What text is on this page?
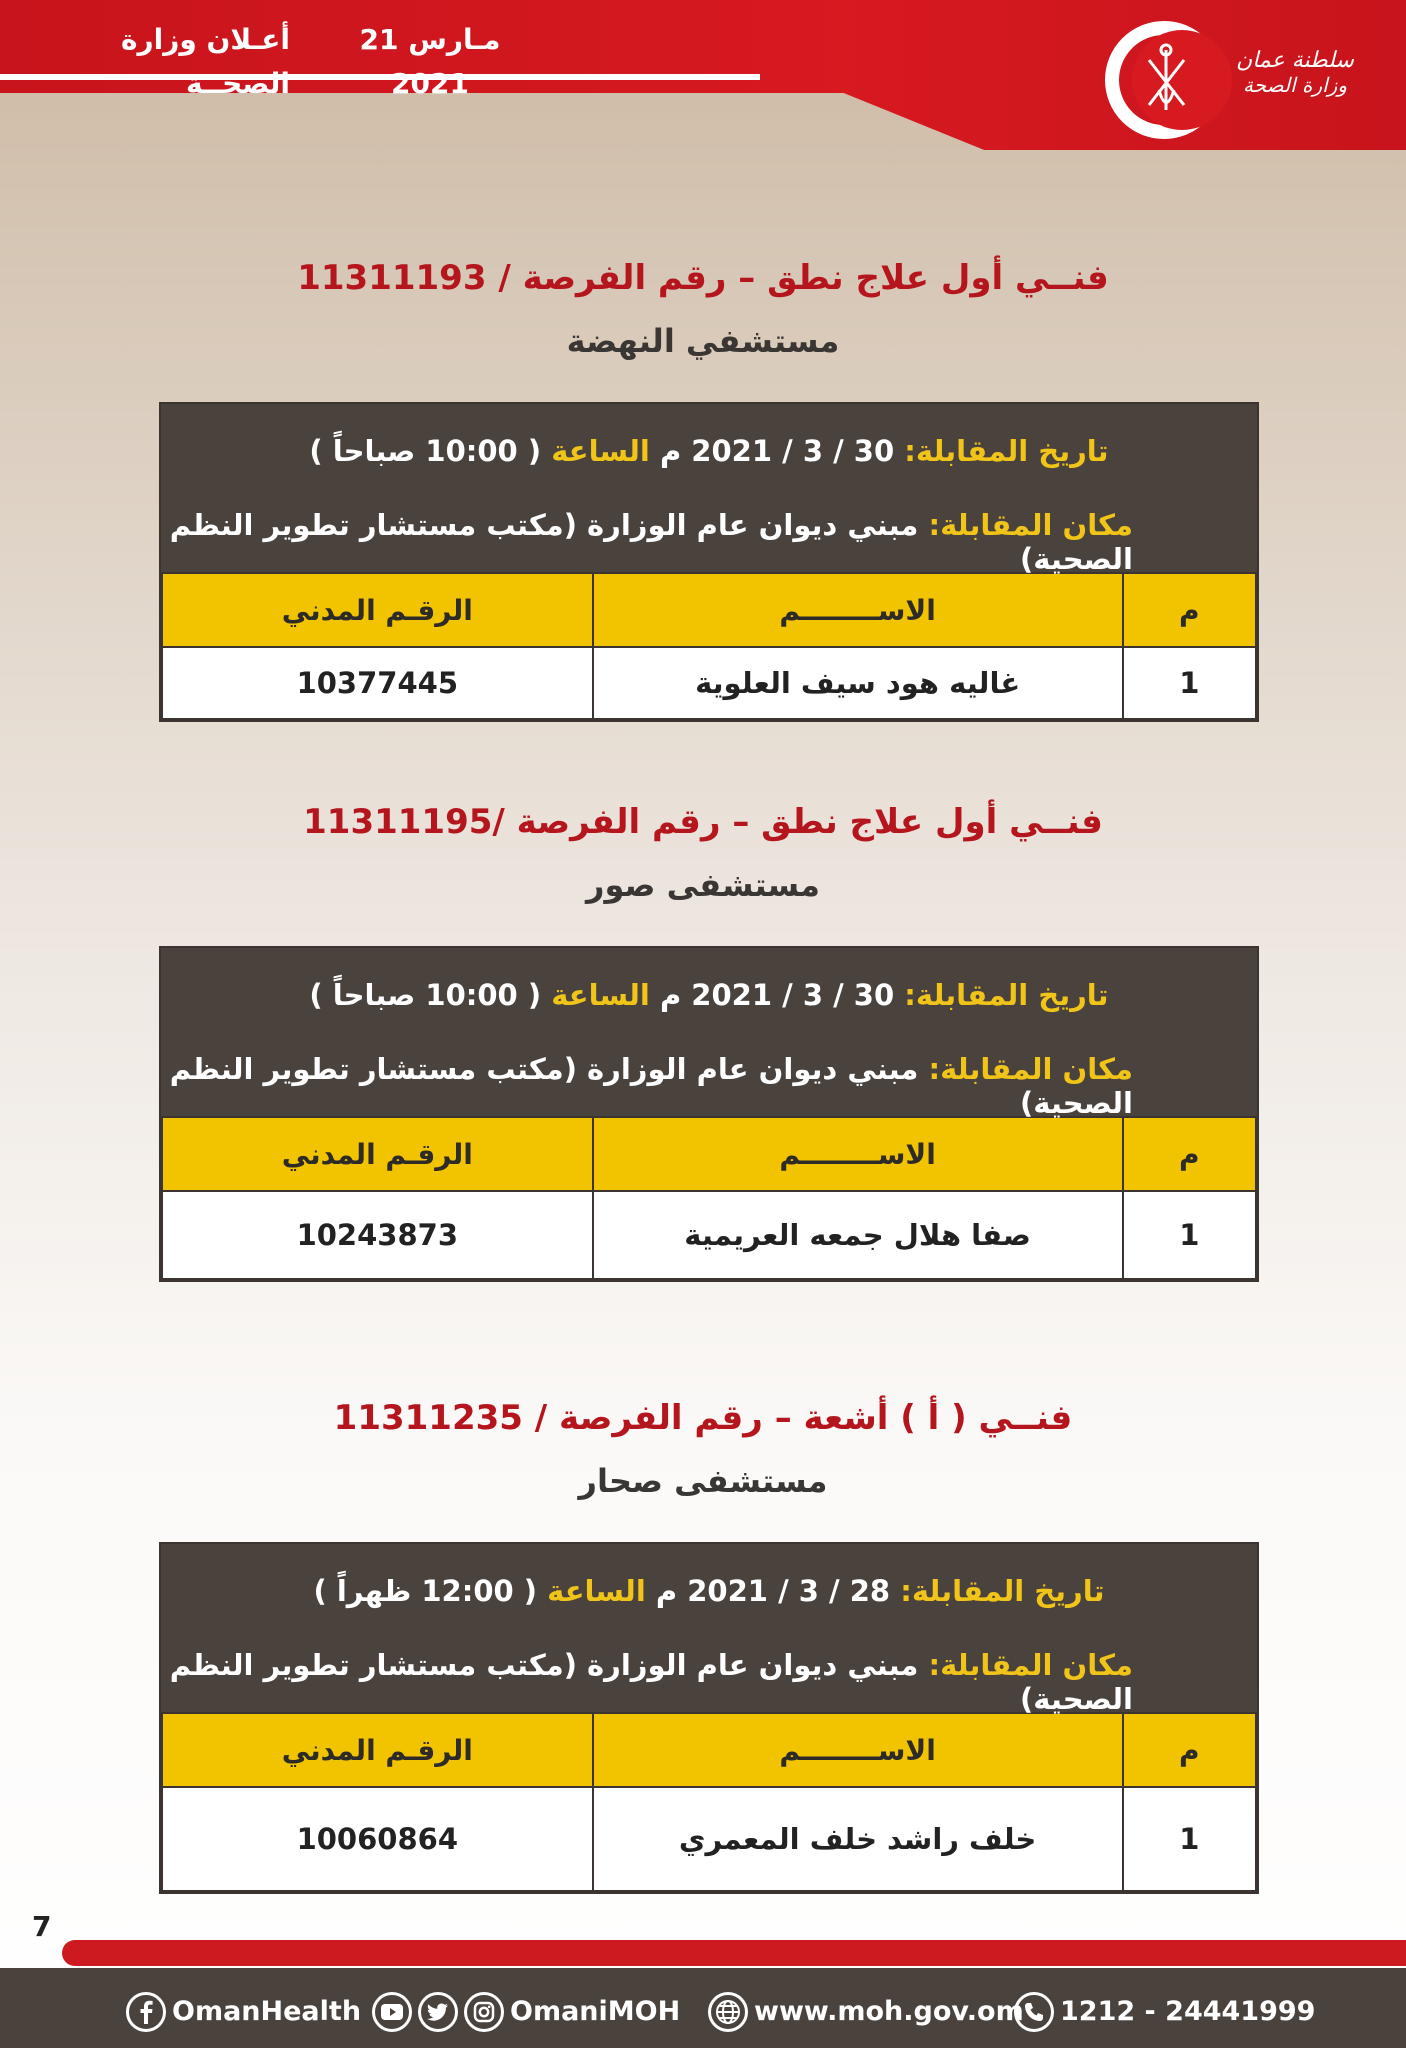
أعـلان وزارة الصحــة
21 مـارس 2021
سلطنة عمان
وزارة الصحة
فنــي أول علاج نطق – رقم الفرصة / 11311193
مستشفي النهضة
تاريخ المقابلة: 30 / 3 / 2021 م الساعة ( 10:00 صباحاً )
مكان المقابلة: مبني ديوان عام الوزارة (مكتب مستشار تطوير النظم الصحية)
م	الاســــــــم	الرقـم المدني
1	غاليه هود سيف العلوية	10377445
فنــي أول علاج نطق – رقم الفرصة /11311195
مستشفى صور
تاريخ المقابلة: 30 / 3 / 2021 م الساعة ( 10:00 صباحاً )
مكان المقابلة: مبني ديوان عام الوزارة (مكتب مستشار تطوير النظم الصحية)
م	الاســــــــم	الرقـم المدني
1	صفا هلال جمعه العريمية	10243873
فنــي ( أ ) أشعة – رقم الفرصة / 11311235
مستشفى صحار
تاريخ المقابلة: 28 / 3 / 2021 م الساعة ( 12:00 ظهراً )
مكان المقابلة: مبني ديوان عام الوزارة (مكتب مستشار تطوير النظم الصحية)
م	الاســــــــم	الرقـم المدني
1	خلف راشد خلف المعمري	10060864
7
OmanHealth	OmaniMOH	www.moh.gov.om 1212 - 24441999
